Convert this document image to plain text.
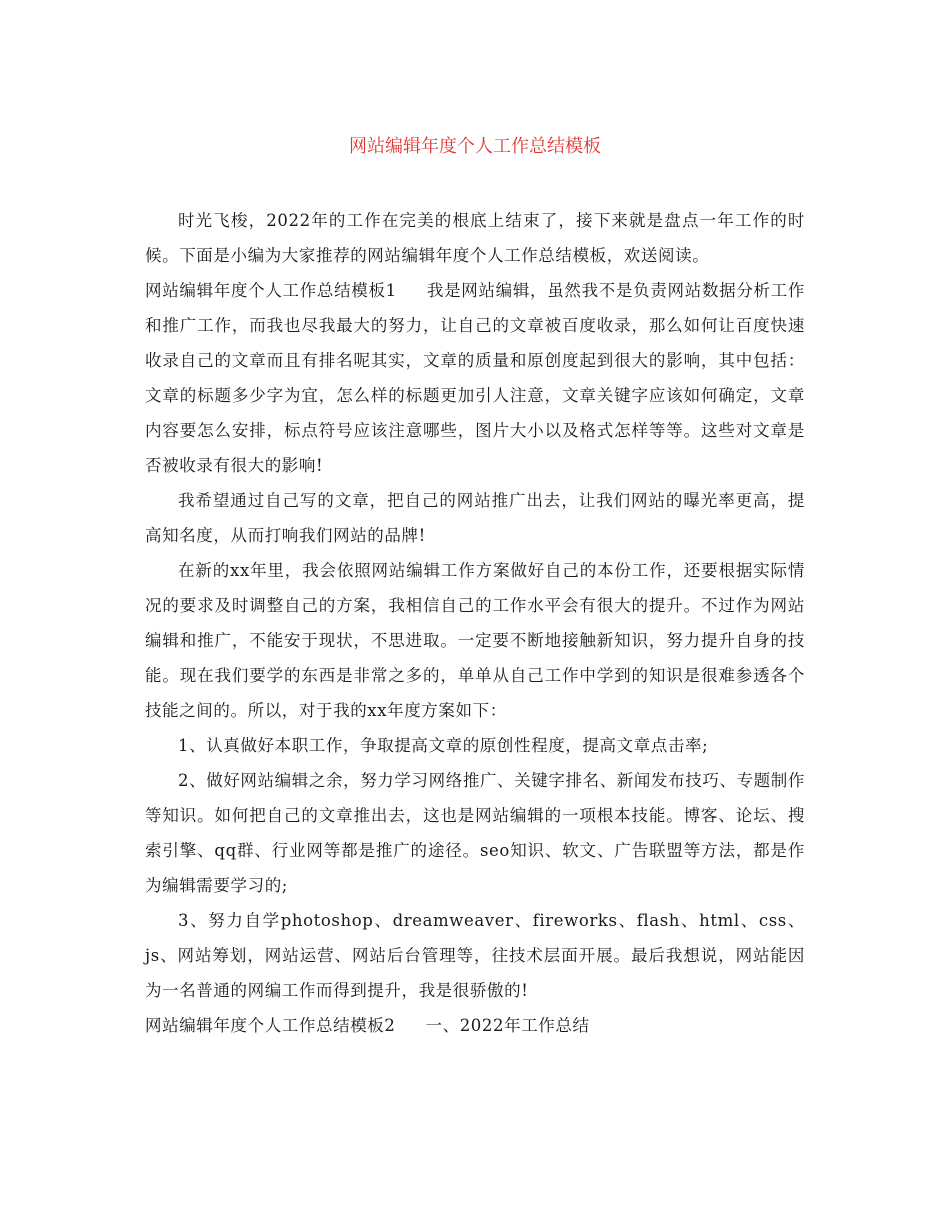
网站编辑年度个人工作总结模板

时光飞梭，2022年的工作在完美的根底上结束了，接下来就是盘点一年工作的时候。下面是小编为大家推荐的网站编辑年度个人工作总结模板，欢送阅读。

网站编辑年度个人工作总结模板1 我是网站编辑，虽然我不是负责网站数据分析工作和推广工作，而我也尽我最大的努力，让自己的文章被百度收录，那么如何让百度快速收录自己的文章而且有排名呢其实，文章的质量和原创度起到很大的影响，其中包括：文章的标题多少字为宜，怎么样的标题更加引人注意，文章关键字应该如何确定，文章内容要怎么安排，标点符号应该注意哪些，图片大小以及格式怎样等等。这些对文章是否被收录有很大的影响!

我希望通过自己写的文章，把自己的网站推广出去，让我们网站的曝光率更高，提高知名度，从而打响我们网站的品牌!

在新的xx年里，我会依照网站编辑工作方案做好自己的本份工作，还要根据实际情况的要求及时调整自己的方案，我相信自己的工作水平会有很大的提升。不过作为网站编辑和推广，不能安于现状，不思进取。一定要不断地接触新知识，努力提升自身的技能。现在我们要学的东西是非常之多的，单单从自己工作中学到的知识是很难参透各个技能之间的。所以，对于我的xx年度方案如下：

1、认真做好本职工作，争取提高文章的原创性程度，提高文章点击率;

2、做好网站编辑之余，努力学习网络推广、关键字排名、新闻发布技巧、专题制作等知识。如何把自己的文章推出去，这也是网站编辑的一项根本技能。博客、论坛、搜索引擎、qq群、行业网等都是推广的途径。seo知识、软文、广告联盟等方法，都是作为编辑需要学习的;

3、努力自学photoshop、dreamweaver、fireworks、flash、html、css、js、网站筹划，网站运营、网站后台管理等，往技术层面开展。最后我想说，网站能因为一名普通的网编工作而得到提升，我是很骄傲的!

网站编辑年度个人工作总结模板2 一、2022年工作总结
